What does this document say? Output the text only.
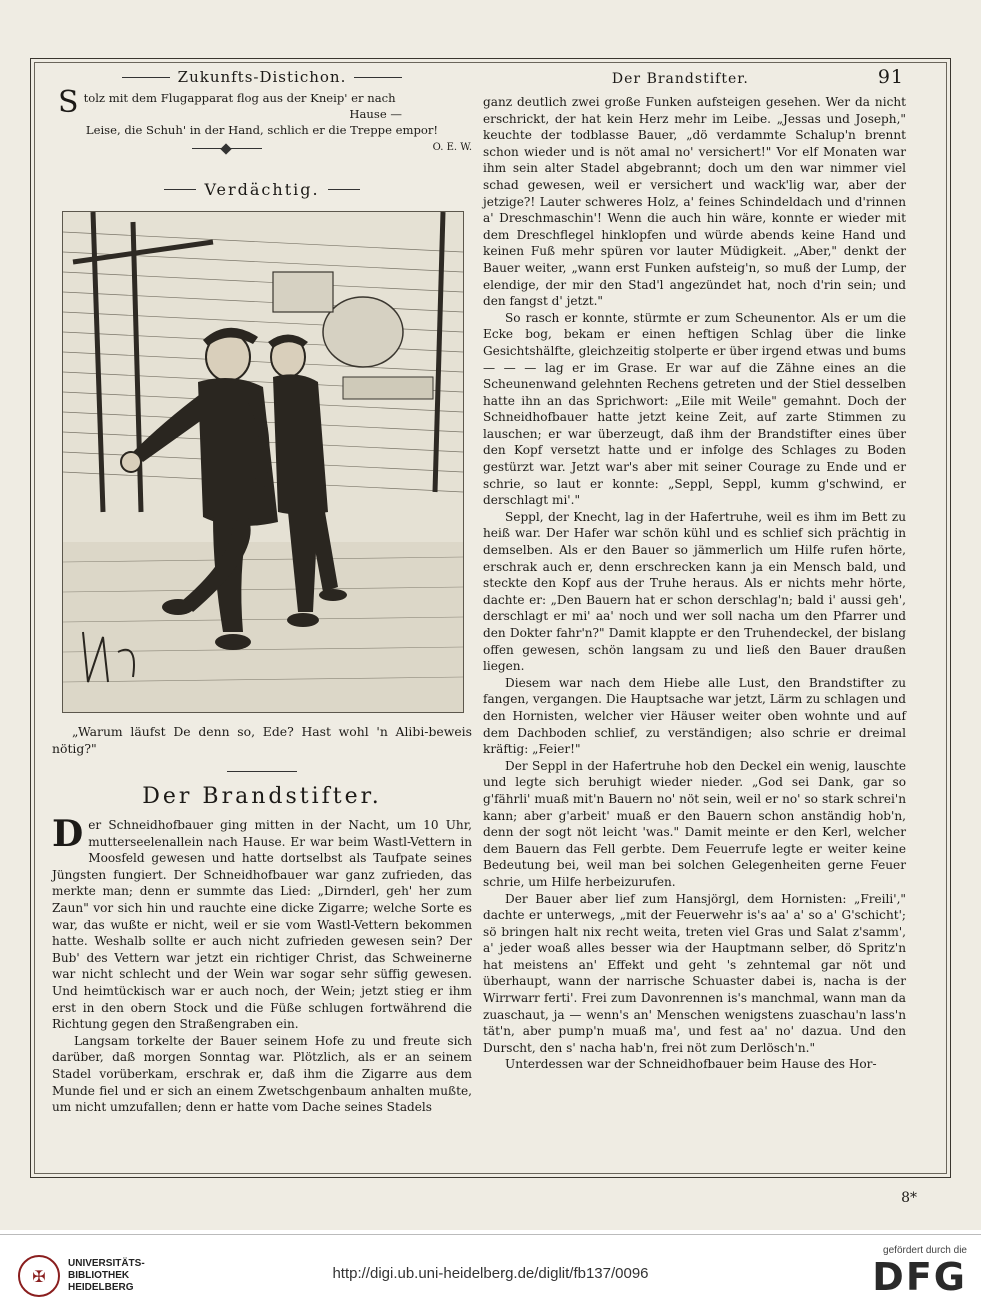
Zukunfts-Distichon.
S tolz mit dem Flugapparat flog aus der Kneip' er nach
Hause —
Leise, die Schuh' in der Hand, schlich er die Treppe empor!
O. E. W.
Verdächtig.

„Warum läufst De denn so, Ede? Hast wohl 'n Alibi-beweis nötig?"

Der Brandstifter.

Der Schneidhofbauer ging mitten in der Nacht, um 10 Uhr, mutterseelenallein nach Hause. Er war beim Wastl-Vettern in Moosfeld gewesen und hatte dortselbst als Taufpate seines Jüngsten fungiert. Der Schneidhofbauer war ganz zufrieden, das merkte man; denn er summte das Lied: „Dirnderl, geh' her zum Zaun" vor sich hin und rauchte eine dicke Zigarre; welche Sorte es war, das wußte er nicht, weil er sie vom Wastl-Vettern bekommen hatte. Weshalb sollte er auch nicht zufrieden gewesen sein? Der Bub' des Vettern war jetzt ein richtiger Christ, das Schweinerne war nicht schlecht und der Wein war sogar sehr süffig gewesen. Und heimtückisch war er auch noch, der Wein; jetzt stieg er ihm erst in den obern Stock und die Füße schlugen fortwährend die Richtung gegen den Straßengraben ein.

Langsam torkelte der Bauer seinem Hofe zu und freute sich darüber, daß morgen Sonntag war. Plötzlich, als er an seinem Stadel vorüberkam, erschrak er, daß ihm die Zigarre aus dem Munde fiel und er sich an einem Zwetschgenbaum anhalten mußte, um nicht umzufallen; denn er hatte vom Dache seines Stadels

Der Brandstifter.	91

ganz deutlich zwei große Funken aufsteigen gesehen. Wer da nicht erschrickt, der hat kein Herz mehr im Leibe. „Jessas und Joseph," keuchte der todblasse Bauer, „dö verdammte Schalup'n brennt schon wieder und is nöt amal no' versichert!" Vor elf Monaten war ihm sein alter Stadel abgebrannt; doch um den war nimmer viel schad gewesen, weil er versichert und wack'lig war, aber der jetzige?! Lauter schweres Holz, a' feines Schindeldach und d'rinnen a' Dreschmaschin'! Wenn die auch hin wäre, konnte er wieder mit dem Dreschflegel hinklopfen und würde abends keine Hand und keinen Fuß mehr spüren vor lauter Müdigkeit. „Aber," denkt der Bauer weiter, „wann erst Funken aufsteig'n, so muß der Lump, der elendige, der mir den Stad'l angezündet hat, noch d'rin sein; und den fangst d' jetzt."

So rasch er konnte, stürmte er zum Scheunentor. Als er um die Ecke bog, bekam er einen heftigen Schlag über die linke Gesichtshälfte, gleichzeitig stolperte er über irgend etwas und bums — — — lag er im Grase. Er war auf die Zähne eines an die Scheunenwand gelehnten Rechens getreten und der Stiel desselben hatte ihn an das Sprichwort: „Eile mit Weile" gemahnt. Doch der Schneidhofbauer hatte jetzt keine Zeit, auf zarte Stimmen zu lauschen; er war überzeugt, daß ihm der Brandstifter eines über den Kopf versetzt hatte und er infolge des Schlages zu Boden gestürzt war. Jetzt war's aber mit seiner Courage zu Ende und er schrie, so laut er konnte: „Seppl, Seppl, kumm g'schwind, er derschlagt mi'."

Seppl, der Knecht, lag in der Hafertruhe, weil es ihm im Bett zu heiß war. Der Hafer war schön kühl und es schlief sich prächtig in demselben. Als er den Bauer so jämmerlich um Hilfe rufen hörte, erschrak auch er, denn erschrecken kann ja ein Mensch bald, und steckte den Kopf aus der Truhe heraus. Als er nichts mehr hörte, dachte er: „Den Bauern hat er schon derschlag'n; bald i' aussi geh', derschlagt er mi' aa' noch und wer soll nacha um den Pfarrer und den Dokter fahr'n?" Damit klappte er den Truhendeckel, der bislang offen gewesen, schön langsam zu und ließ den Bauer draußen liegen.

Diesem war nach dem Hiebe alle Lust, den Brandstifter zu fangen, vergangen. Die Hauptsache war jetzt, Lärm zu schlagen und den Hornisten, welcher vier Häuser weiter oben wohnte und auf dem Dachboden schlief, zu verständigen; also schrie er dreimal kräftig: „Feier!"

Der Seppl in der Hafertruhe hob den Deckel ein wenig, lauschte und legte sich beruhigt wieder nieder. „God sei Dank, gar so g'fährli' muaß mit'n Bauern no' nöt sein, weil er no' so stark schrei'n kann; aber g'arbeit' muaß er den Bauern schon anständig hob'n, denn der sogt nöt leicht 'was." Damit meinte er den Kerl, welcher dem Bauern das Fell gerbte. Dem Feuerrufe legte er weiter keine Bedeutung bei, weil man bei solchen Gelegenheiten gerne Feuer schrie, um Hilfe herbeizurufen.

Der Bauer aber lief zum Hansjörgl, dem Hornisten: „Freili'," dachte er unterwegs, „mit der Feuerwehr is's aa' a' so a' G'schicht'; sö bringen halt nix recht weita, treten viel Gras und Salat z'samm', a' jeder woaß alles besser wia der Hauptmann selber, dö Spritz'n hat meistens an' Effekt und geht 's zehntemal gar nöt und überhaupt, wann der narrische Schuaster dabei is, nacha is der Wirrwarr ferti'. Frei zum Davonrennen is's manchmal, wann man da zuaschaut, ja — wenn's an' Menschen wenigstens zuaschau'n lass'n tät'n, aber pump'n muaß ma', und fest aa' no' dazua. Und den Durscht, den s' nacha hab'n, frei nöt zum Derlösch'n."

Unterdessen war der Schneidhofbauer beim Hause des Hor-

8*
✠
UNIVERSITÄTS-
BIBLIOTHEK
HEIDELBERG
http://digi.ub.uni-heidelberg.de/diglit/fb137/0096
gefördert durch die
DFG
